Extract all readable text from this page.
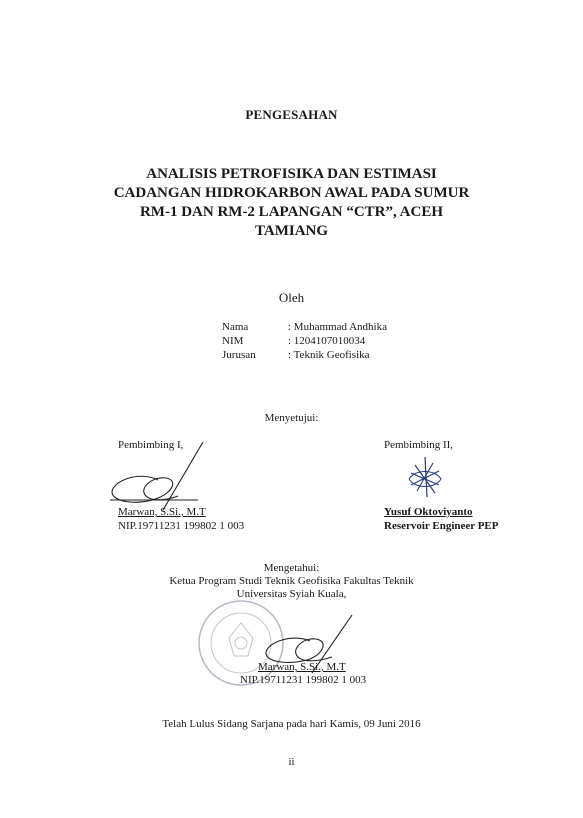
PENGESAHAN
ANALISIS PETROFISIKA DAN ESTIMASI
CADANGAN HIDROKARBON AWAL PADA SUMUR
RM-1 DAN RM-2 LAPANGAN “CTR”, ACEH
TAMIANG
Oleh
Nama	: Muhammad Andhika
NIM	: 1204107010034
Jurusan	: Teknik Geofisika
Menyetujui:
Pembimbing I,
Marwan, S.Si., M.T
NIP.19711231 199802 1 003
Pembimbing II,
Yusuf Oktoviyanto
Reservoir Engineer PEP
Mengetahui:
Ketua Program Studi Teknik Geofisika Fakultas Teknik
Universitas Syiah Kuala,
Marwan, S.Si., M.T
NIP.19711231 199802 1 003
Telah Lulus Sidang Sarjana pada hari Kamis, 09 Juni 2016
ii
